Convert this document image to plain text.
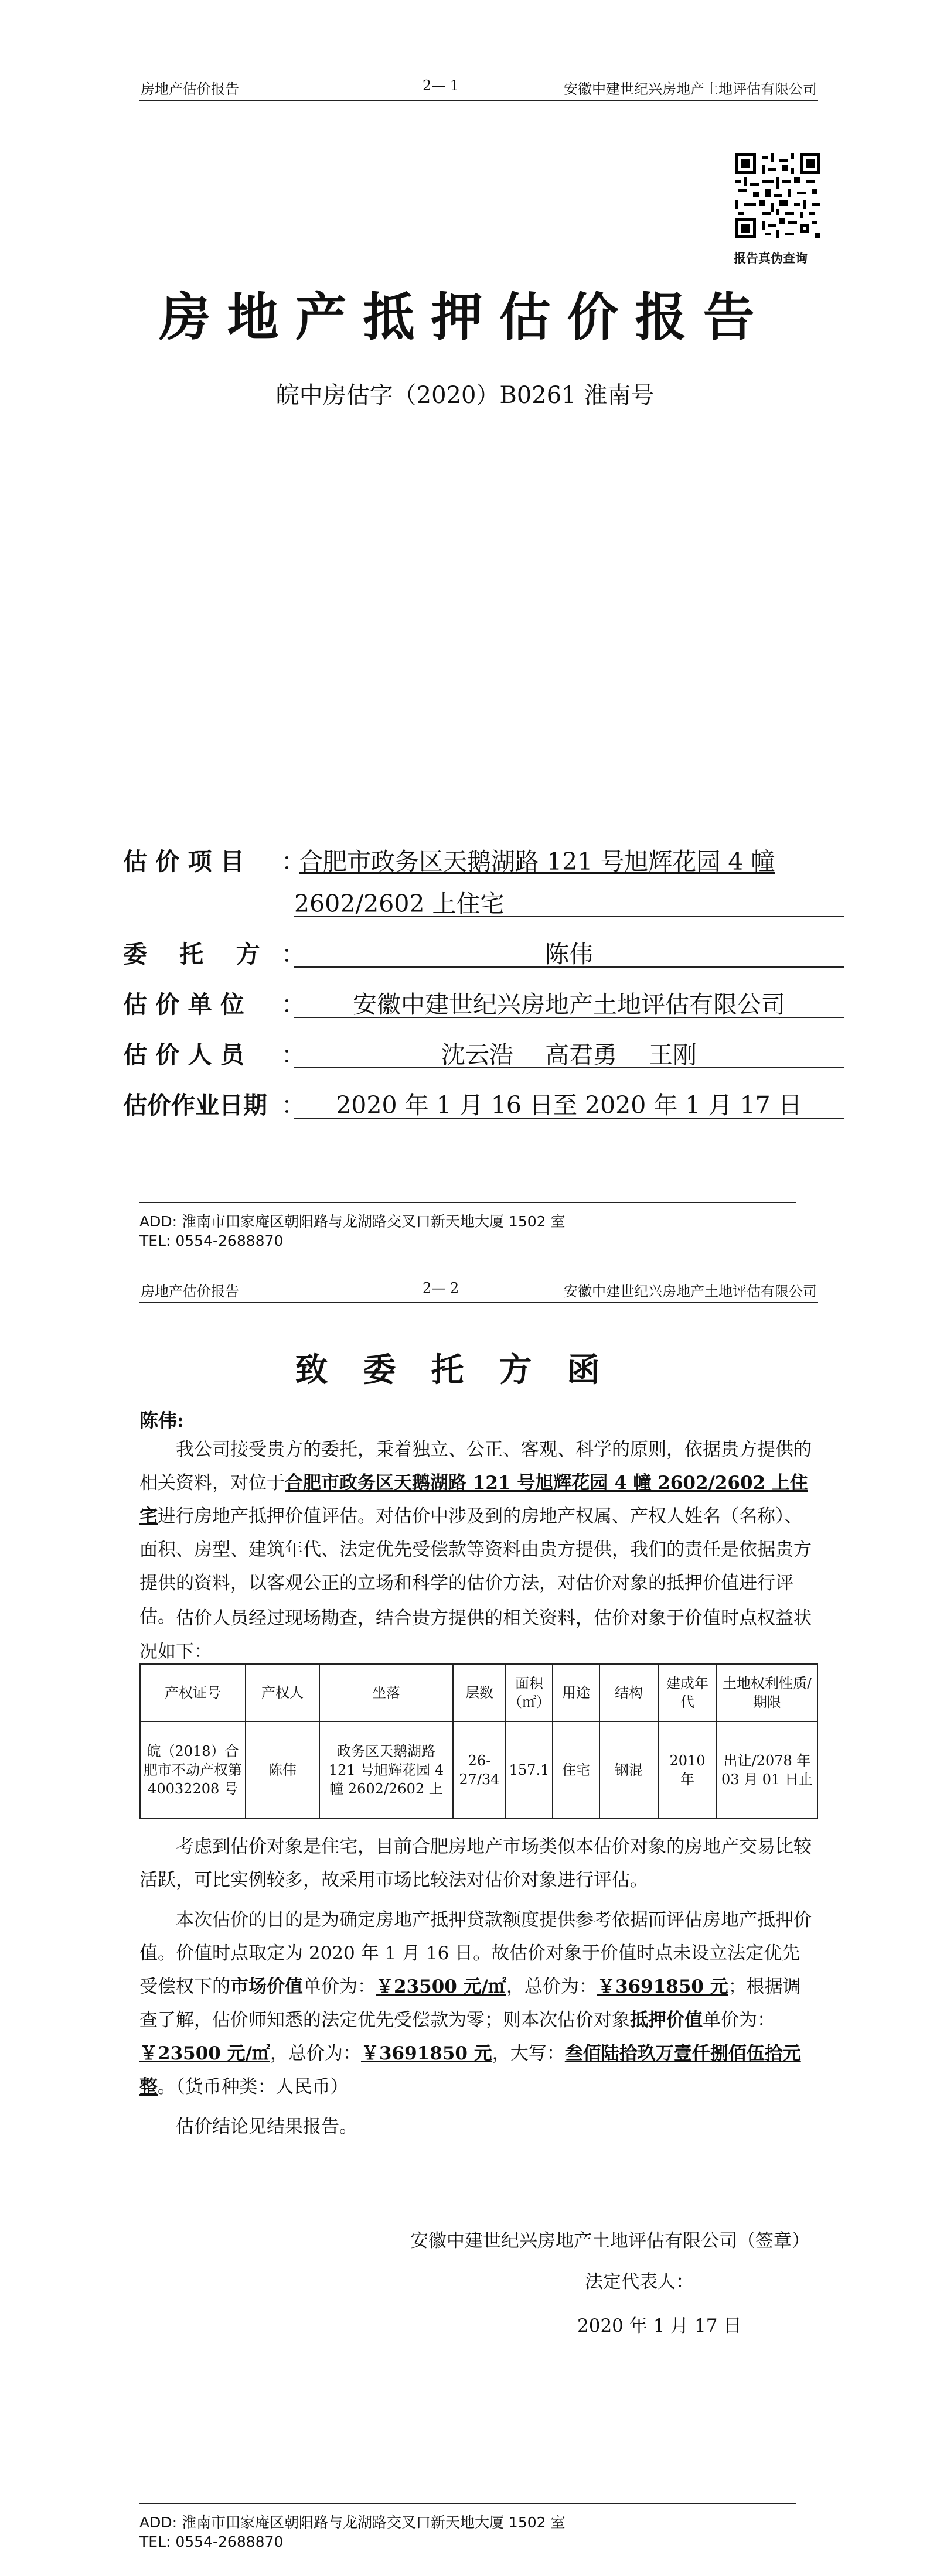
房地产估价报告	2— 1	安徽中建世纪兴房地产土地评估有限公司
报告真伪查询
房地产抵押估价报告
皖中房估字（2020）B0261 淮南号
估 价 项 目 ：
合肥市政务区天鹅湖路 121 号旭辉花园 4 幢
2602/2602 上住宅
委　 托　 方 ：	陈伟
估 价 单 位 ：	安徽中建世纪兴房地产土地评估有限公司
估 价 人 员 ：	沈云浩　 高君勇　 王刚
估价作业日期 ：	2020 年 1 月 16 日至 2020 年 1 月 17 日
ADD: 淮南市田家庵区朝阳路与龙湖路交叉口新天地大厦 1502 室
TEL: 0554-2688870
房地产估价报告	2— 2	安徽中建世纪兴房地产土地评估有限公司
致委托方函
陈伟:
我公司接受贵方的委托，秉着独立、公正、客观、科学的原则，依据贵方提供的相关资料，对位于合肥市政务区天鹅湖路 121 号旭辉花园 4 幢 2602/2602 上住宅进行房地产抵押价值评估。对估价中涉及到的房地产权属、产权人姓名（名称）、面积、房型、建筑年代、法定优先受偿款等资料由贵方提供，我们的责任是依据贵方提供的资料，以客观公正的立场和科学的估价方法，对估价对象的抵押价值进行评估。 估价人员经过现场勘查，结合贵方提供的相关资料，估价对象于价值时点权益状况如下：
产权证号	产权人	坐落	层数	面积（㎡）	用途	结构	建成年代	土地权利性质/期限
皖（2018）合肥市不动产权第 40032208 号	陈伟	政务区天鹅湖路 121 号旭辉花园 4 幢 2602/2602 上	26-27/34	157.1	住宅	钢混	2010 年	出让/2078 年 03 月 01 日止
考虑到估价对象是住宅，目前合肥房地产市场类似本估价对象的房地产交易比较活跃，可比实例较多，故采用市场比较法对估价对象进行评估。
本次估价的目的是为确定房地产抵押贷款额度提供参考依据而评估房地产抵押价值。价值时点取定为 2020 年 1 月 16 日。故估价对象于价值时点未设立法定优先受偿权下的市场价值单价为：￥23500 元/㎡，总价为：￥3691850 元；根据调查了解，估价师知悉的法定优先受偿款为零；则本次估价对象抵押价值单价为：￥23500 元/㎡，总价为：￥3691850 元，大写：叁佰陆拾玖万壹仟捌佰伍拾元整。（货币种类：人民币）
估价结论见结果报告。
安徽中建世纪兴房地产土地评估有限公司（签章）
法定代表人：
2020 年 1 月 17 日
ADD: 淮南市田家庵区朝阳路与龙湖路交叉口新天地大厦 1502 室
TEL: 0554-2688870
